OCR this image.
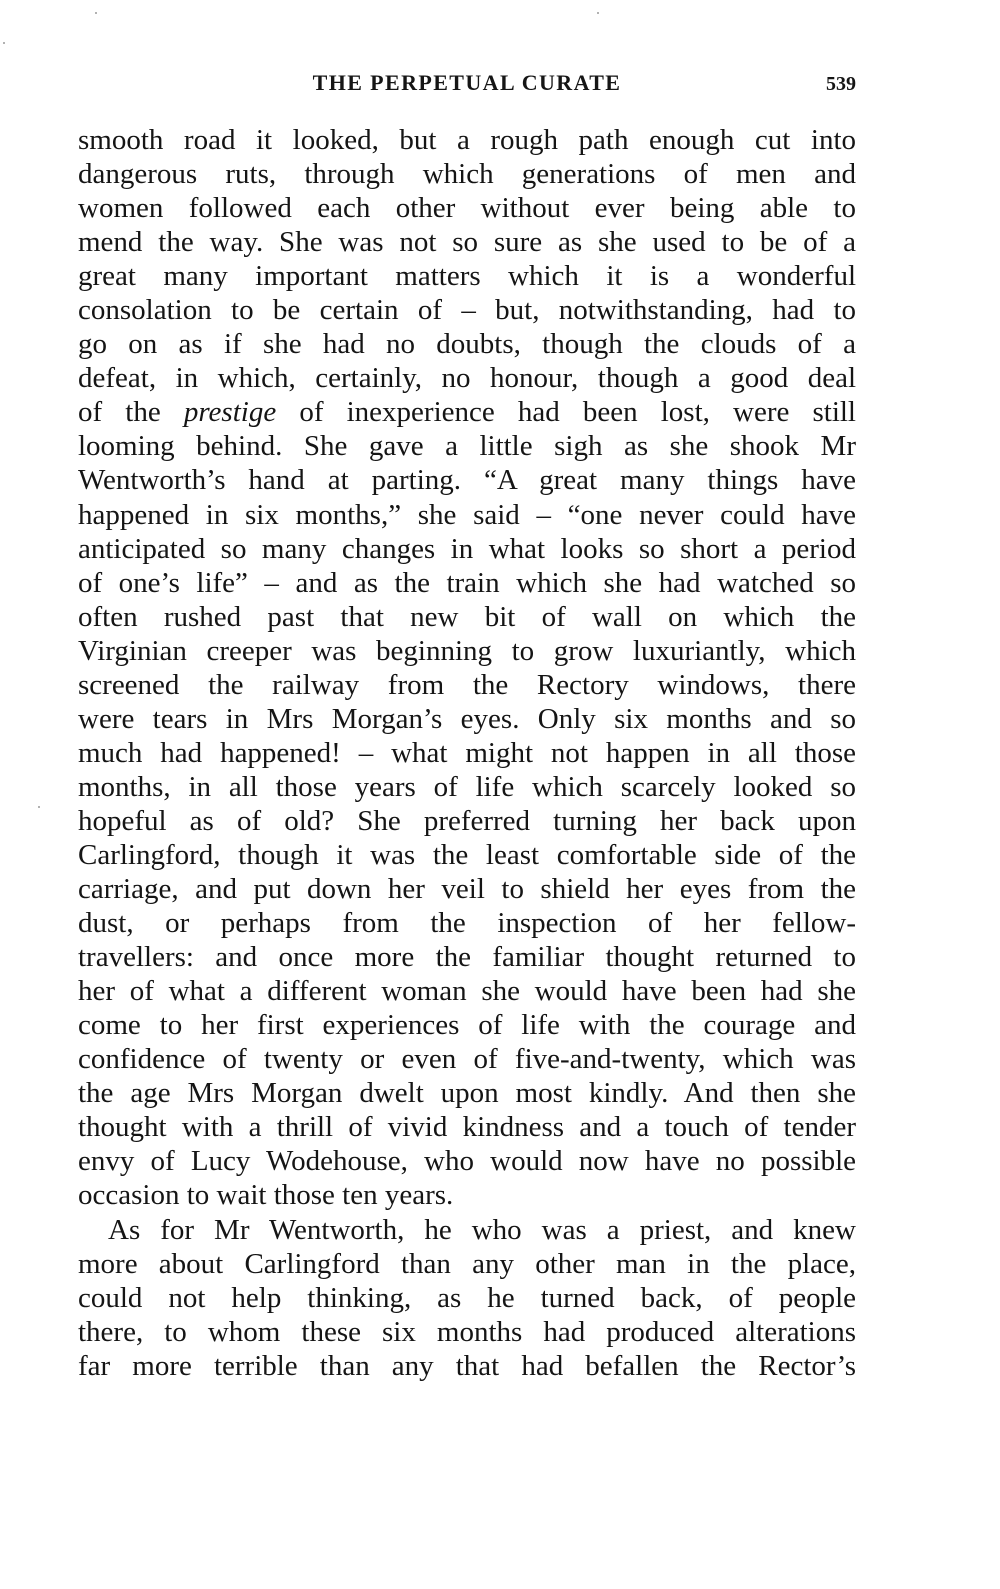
THE PERPETUAL CURATE	539
smooth road it looked, but a rough path enough cut into
dangerous ruts, through which generations of men and
women followed each other without ever being able to
mend the way. She was not so sure as she used to be of a
great many important matters which it is a wonderful
consolation to be certain of – but, notwithstanding, had to
go on as if she had no doubts, though the clouds of a
defeat, in which, certainly, no honour, though a good deal
of the prestige of inexperience had been lost, were still
looming behind. She gave a little sigh as she shook Mr
Wentworth’s hand at parting. “A great many things have
happened in six months,” she said – “one never could have
anticipated so many changes in what looks so short a period
of one’s life” – and as the train which she had watched so
often rushed past that new bit of wall on which the
Virginian creeper was beginning to grow luxuriantly, which
screened the railway from the Rectory windows, there
were tears in Mrs Morgan’s eyes. Only six months and so
much had happened! – what might not happen in all those
months, in all those years of life which scarcely looked so
hopeful as of old? She preferred turning her back upon
Carlingford, though it was the least comfortable side of the
carriage, and put down her veil to shield her eyes from the
dust, or perhaps from the inspection of her fellow-
travellers: and once more the familiar thought returned to
her of what a different woman she would have been had she
come to her first experiences of life with the courage and
confidence of twenty or even of five-and-twenty, which was
the age Mrs Morgan dwelt upon most kindly. And then she
thought with a thrill of vivid kindness and a touch of tender
envy of Lucy Wodehouse, who would now have no possible
occasion to wait those ten years.
As for Mr Wentworth, he who was a priest, and knew
more about Carlingford than any other man in the place,
could not help thinking, as he turned back, of people
there, to whom these six months had produced alterations
far more terrible than any that had befallen the Rector’s
